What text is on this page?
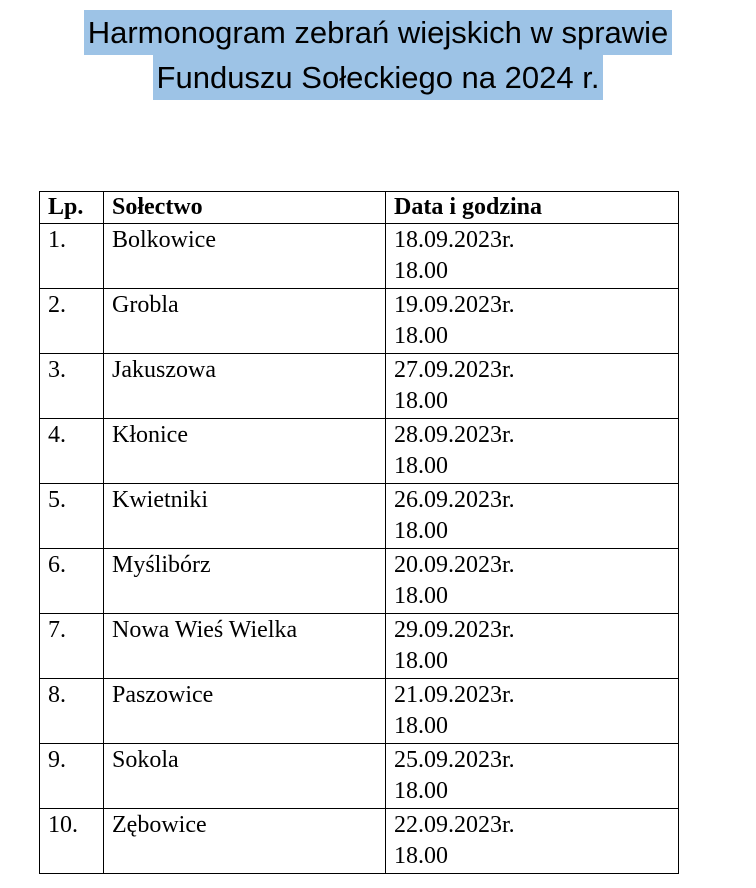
Harmonogram zebrań wiejskich w sprawie
Funduszu Sołeckiego na 2024 r.
Lp.	Sołectwo	Data i godzina
1.	Bolkowice	18.09.2023r.
18.00

2.	Grobla	19.09.2023r.
18.00

3.	Jakuszowa	27.09.2023r.
18.00

4.	Kłonice	28.09.2023r.
18.00

5.	Kwietniki	26.09.2023r.
18.00

6.	Myślibórz	20.09.2023r.
18.00

7.	Nowa Wieś Wielka	29.09.2023r.
18.00

8.	Paszowice	21.09.2023r.
18.00

9.	Sokola	25.09.2023r.
18.00

10.	Zębowice	22.09.2023r.
18.00
